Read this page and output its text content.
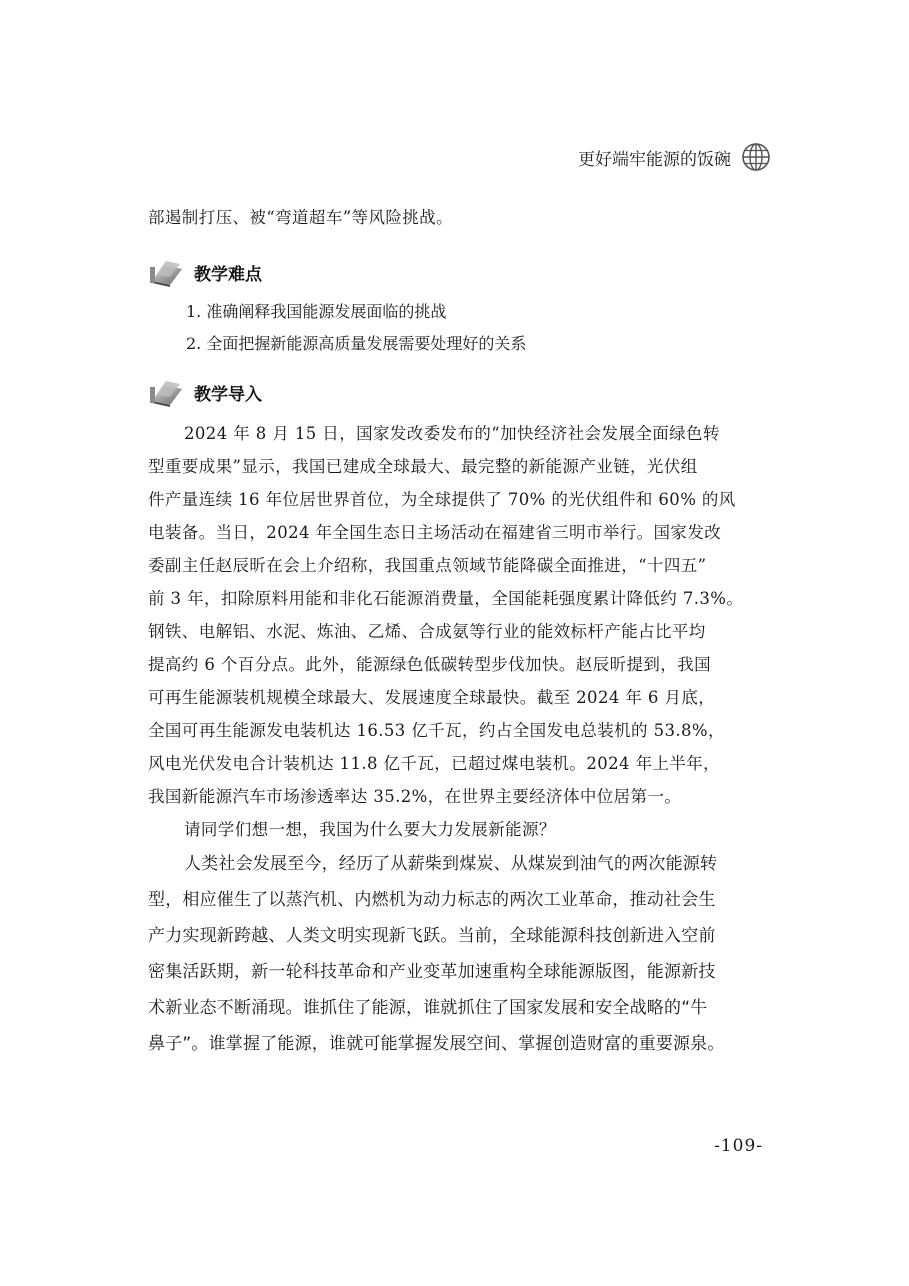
更好端牢能源的饭碗
部遏制打压、被“弯道超车”等风险挑战。
教学难点
1. 准确阐释我国能源发展面临的挑战
2. 全面把握新能源高质量发展需要处理好的关系
教学导入
2024 年 8 月 15 日，国家发改委发布的“加快经济社会发展全面绿色转
型重要成果”显示，我国已建成全球最大、最完整的新能源产业链，光伏组
件产量连续 16 年位居世界首位，为全球提供了 70% 的光伏组件和 60% 的风
电装备。当日，2024 年全国生态日主场活动在福建省三明市举行。国家发改
委副主任赵辰昕在会上介绍称，我国重点领域节能降碳全面推进，“十四五”
前 3 年，扣除原料用能和非化石能源消费量，全国能耗强度累计降低约 7.3%。
钢铁、电解铝、水泥、炼油、乙烯、合成氨等行业的能效标杆产能占比平均
提高约 6 个百分点。此外，能源绿色低碳转型步伐加快。赵辰昕提到，我国
可再生能源装机规模全球最大、发展速度全球最快。截至 2024 年 6 月底，
全国可再生能源发电装机达 16.53 亿千瓦，约占全国发电总装机的 53.8%，
风电光伏发电合计装机达 11.8 亿千瓦，已超过煤电装机。2024 年上半年，
我国新能源汽车市场渗透率达 35.2%，在世界主要经济体中位居第一。
请同学们想一想，我国为什么要大力发展新能源？
人类社会发展至今，经历了从薪柴到煤炭、从煤炭到油气的两次能源转
型，相应催生了以蒸汽机、内燃机为动力标志的两次工业革命，推动社会生
产力实现新跨越、人类文明实现新飞跃。当前，全球能源科技创新进入空前
密集活跃期，新一轮科技革命和产业变革加速重构全球能源版图，能源新技
术新业态不断涌现。谁抓住了能源，谁就抓住了国家发展和安全战略的“牛
鼻子”。谁掌握了能源，谁就可能掌握发展空间、掌握创造财富的重要源泉。
-109-
